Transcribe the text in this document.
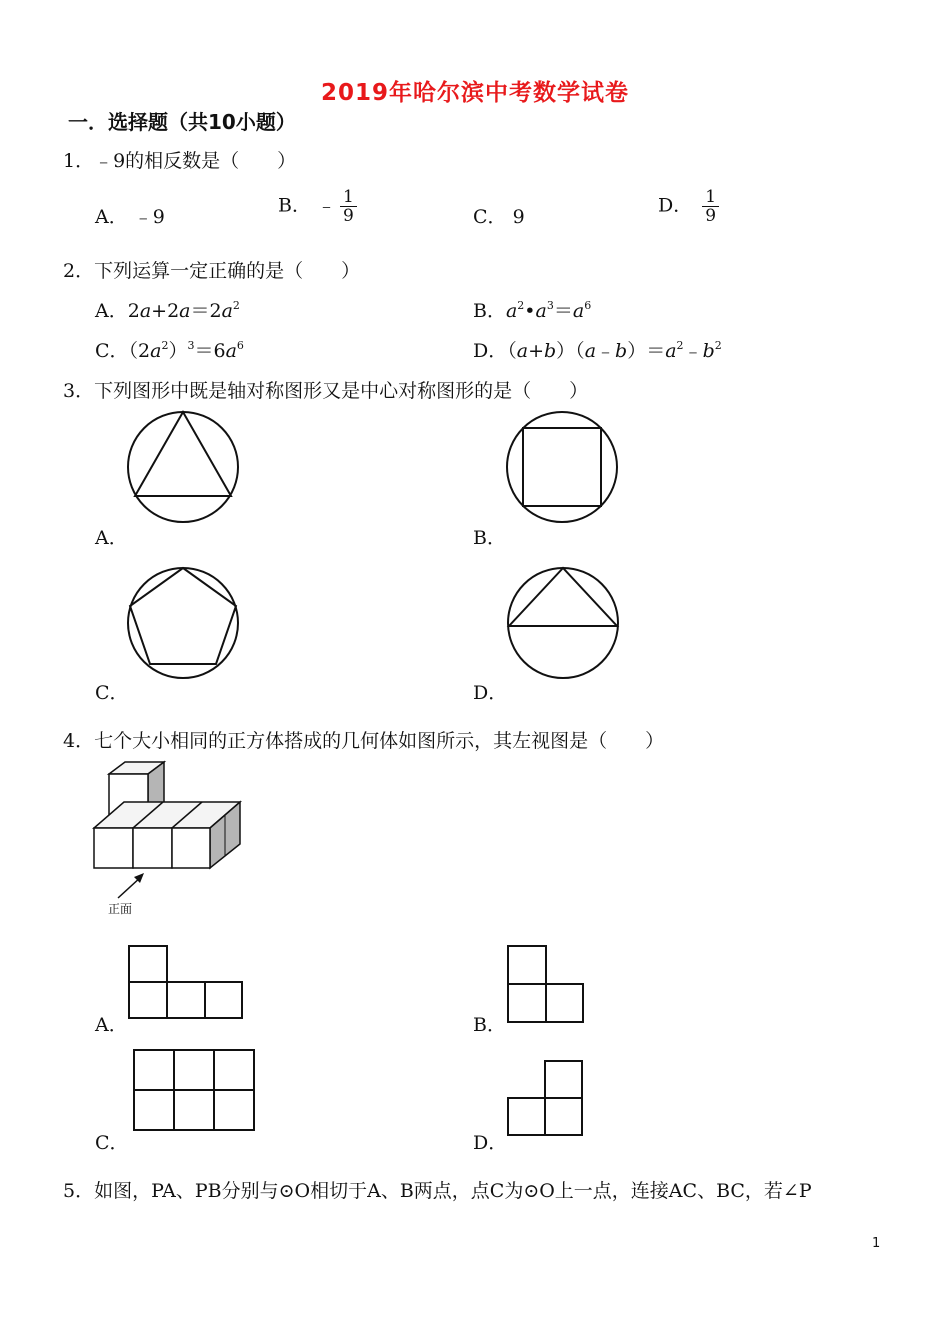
2019年哈尔滨中考数学试卷
一．选择题（共10小题）
1．﹣9的相反数是（　　）
A． ﹣9
B． ﹣ $\frac{1}{9}$	C． 9
D． $\frac{1}{9}$
2．下列运算一定正确的是（　　）
A．$2a+2a=2a^2$	B．$a^2•a^3=a^6$
C．$(2a^2)^3=6a^6$	D．$(a+b)(a﹣b)=a^2﹣b^2$
3．下列图形中既是轴对称图形又是中心对称图形的是（　　）
A．	B．
C．	D．
4．七个大小相同的正方体搭成的几何体如图所示，其左视图是（　　）
正面
A．	B．
C．	D．
5．如图，PA、PB分别与⊙O相切于A、B两点，点C为⊙O上一点，连接AC、BC，若∠P
1
